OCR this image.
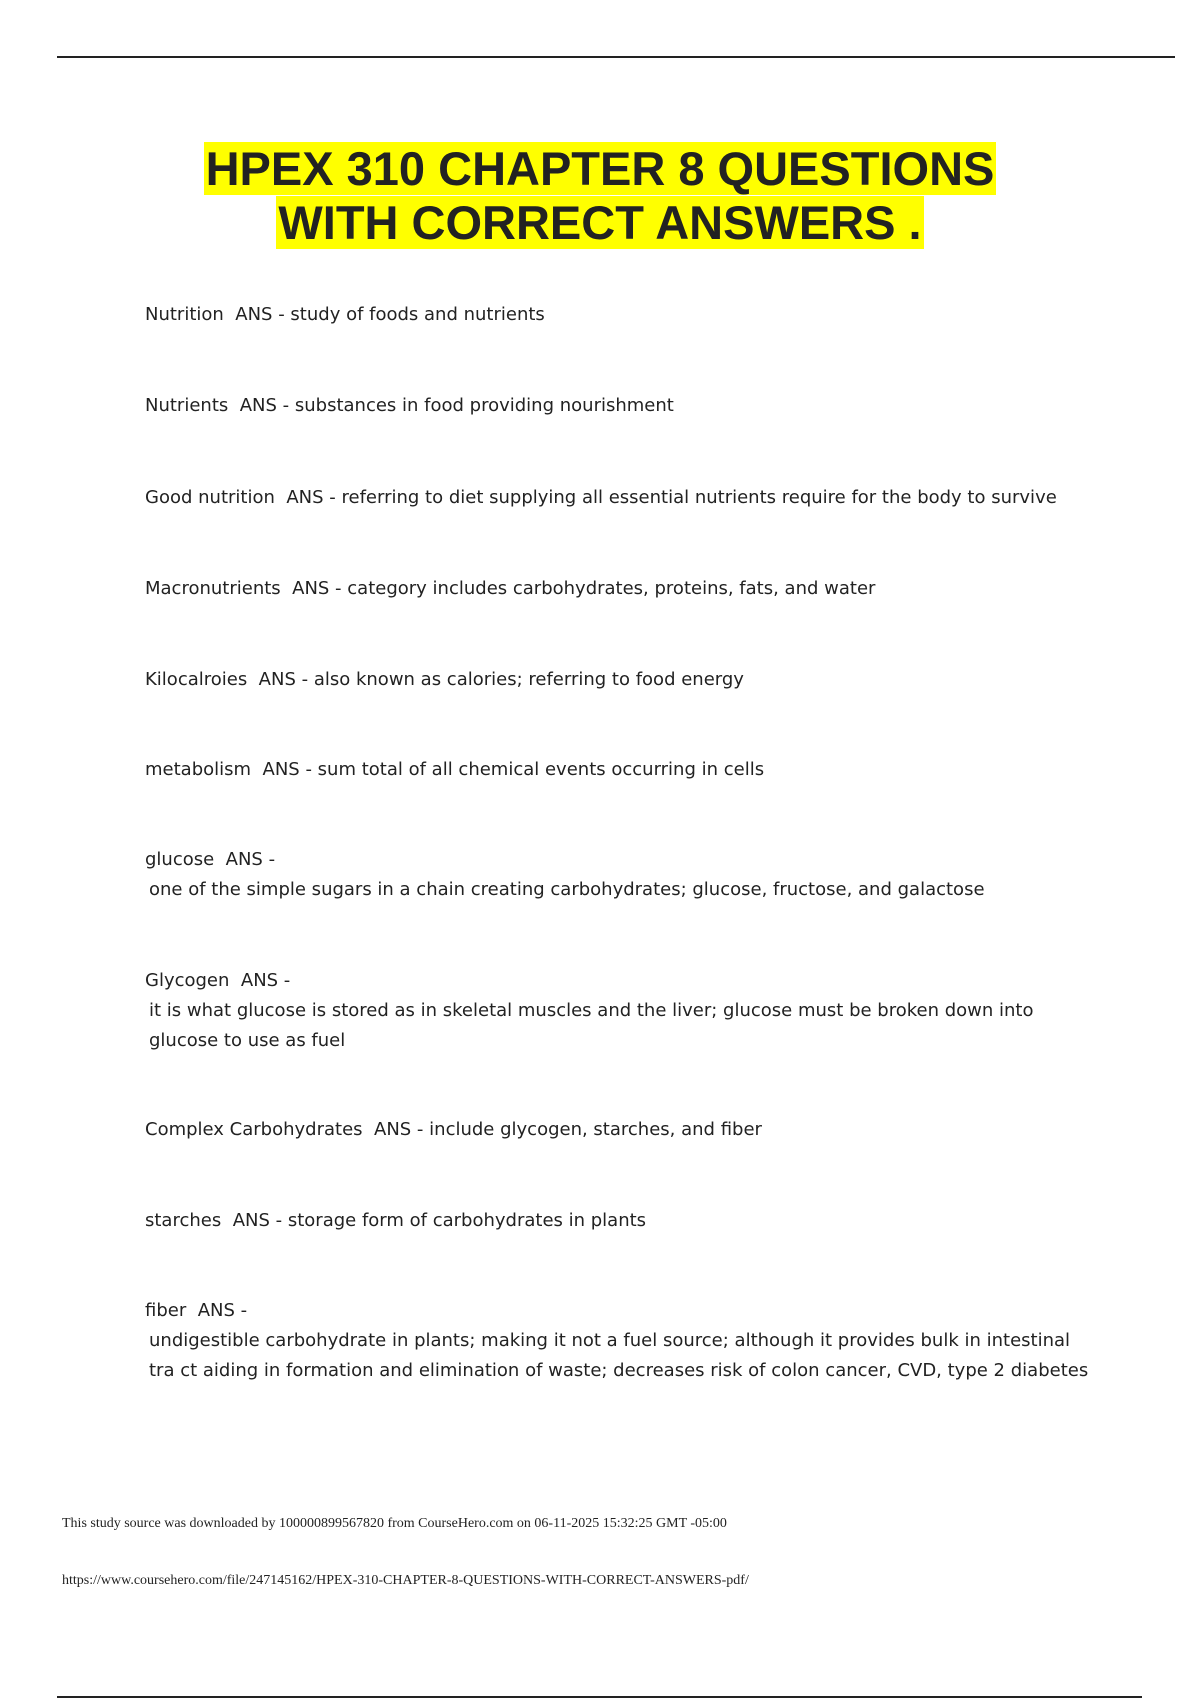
HPEX 310 CHAPTER 8 QUESTIONS
WITH CORRECT ANSWERS .

Nutrition ANS - study of foods and nutrients

Nutrients ANS - substances in food providing nourishment

Good nutrition ANS - referring to diet supplying all essential nutrients require for the body to survive

Macronutrients ANS - category includes carbohydrates, proteins, fats, and water

Kilocalroies ANS - also known as calories; referring to food energy

metabolism ANS - sum total of all chemical events occurring in cells

glucose ANS -
one of the simple sugars in a chain creating carbohydrates; glucose, fructose, and galactose

Glycogen ANS -
it is what glucose is stored as in skeletal muscles and the liver; glucose must be broken down into glucose to use as fuel

Complex Carbohydrates ANS - include glycogen, starches, and fiber

starches ANS - storage form of carbohydrates in plants

fiber ANS -
undigestible carbohydrate in plants; making it not a fuel source; although it provides bulk in intestinal tra ct aiding in formation and elimination of waste; decreases risk of colon cancer, CVD, type 2 diabetes

This study source was downloaded by 100000899567820 from CourseHero.com on 06-11-2025 15:32:25 GMT -05:00
https://www.coursehero.com/file/247145162/HPEX-310-CHAPTER-8-QUESTIONS-WITH-CORRECT-ANSWERS-pdf/
